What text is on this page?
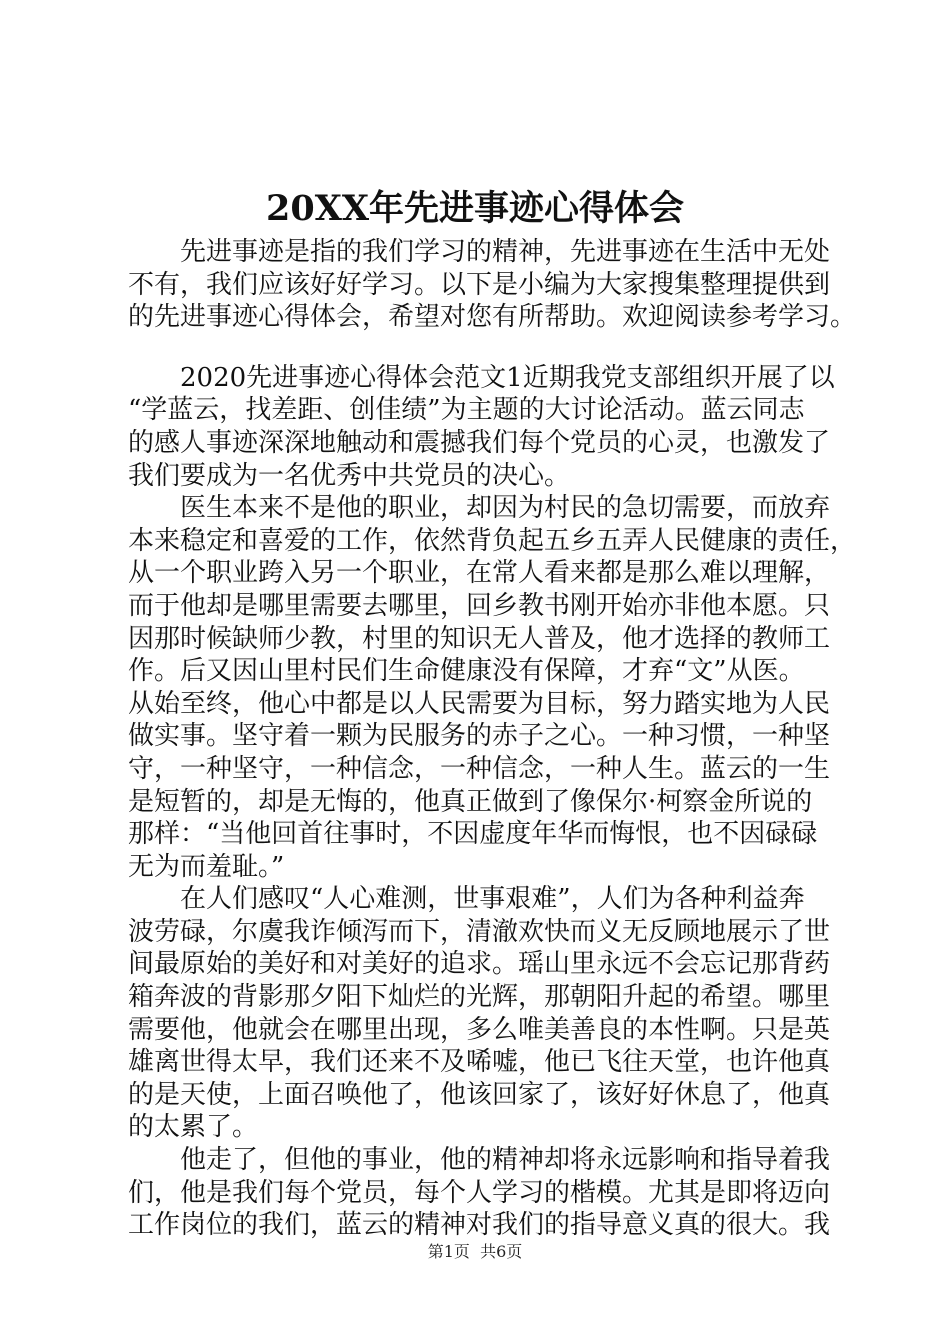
20XX年先进事迹心得体会
先进事迹是指的我们学习的精神，先进事迹在生活中无处
不有，我们应该好好学习。以下是小编为大家搜集整理提供到
的先进事迹心得体会，希望对您有所帮助。欢迎阅读参考学习。
2020先进事迹心得体会范文1近期我党支部组织开展了以
“学蓝云，找差距、创佳绩”为主题的大讨论活动。蓝云同志
的感人事迹深深地触动和震撼我们每个党员的心灵，也激发了
我们要成为一名优秀中共党员的决心。
医生本来不是他的职业，却因为村民的急切需要，而放弃
本来稳定和喜爱的工作，依然背负起五乡五弄人民健康的责任，
从一个职业跨入另一个职业，在常人看来都是那么难以理解，
而于他却是哪里需要去哪里，回乡教书刚开始亦非他本愿。只
因那时候缺师少教，村里的知识无人普及，他才选择的教师工
作。后又因山里村民们生命健康没有保障，才弃“文”从医。
从始至终，他心中都是以人民需要为目标，努力踏实地为人民
做实事。坚守着一颗为民服务的赤子之心。一种习惯，一种坚
守，一种坚守，一种信念，一种信念，一种人生。蓝云的一生
是短暂的，却是无悔的，他真正做到了像保尔·柯察金所说的
那样：“当他回首往事时，不因虚度年华而悔恨，也不因碌碌
无为而羞耻。”
在人们感叹“人心难测，世事艰难”，人们为各种利益奔
波劳碌，尔虞我诈倾泻而下，清澈欢快而义无反顾地展示了世
间最原始的美好和对美好的追求。瑶山里永远不会忘记那背药
箱奔波的背影那夕阳下灿烂的光辉，那朝阳升起的希望。哪里
需要他，他就会在哪里出现，多么唯美善良的本性啊。只是英
雄离世得太早，我们还来不及唏嘘，他已飞往天堂，也许他真
的是天使，上面召唤他了，他该回家了，该好好休息了，他真
的太累了。
他走了，但他的事业，他的精神却将永远影响和指导着我
们，他是我们每个党员，每个人学习的楷模。尤其是即将迈向
工作岗位的我们，蓝云的精神对我们的指导意义真的很大。我
第1页  共6页
